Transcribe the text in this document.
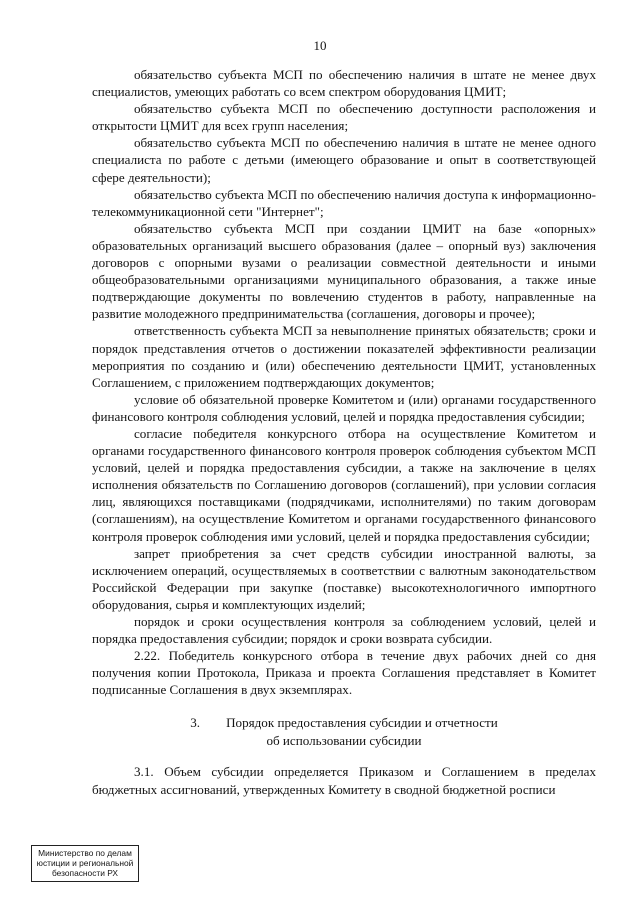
10

обязательство субъекта МСП по обеспечению наличия в штате не менее двух специалистов, умеющих работать со всем спектром оборудования ЦМИТ;

обязательство субъекта МСП по обеспечению доступности расположения и открытости ЦМИТ для всех групп населения;

обязательство субъекта МСП по обеспечению наличия в штате не менее одного специалиста по работе с детьми (имеющего образование и опыт в соответствующей сфере деятельности);

обязательство субъекта МСП по обеспечению наличия доступа к информационно-телекоммуникационной сети "Интернет";

обязательство субъекта МСП при создании ЦМИТ на базе «опорных» образовательных организаций высшего образования (далее – опорный вуз) заключения договоров с опорными вузами о реализации совместной деятельности и иными общеобразовательными организациями муниципального образования, а также иные подтверждающие документы по вовлечению студентов в работу, направленные на развитие молодежного предпринимательства (соглашения, договоры и прочее);

ответственность субъекта МСП за невыполнение принятых обязательств; сроки и порядок представления отчетов о достижении показателей эффективности реализации мероприятия по созданию и (или) обеспечению деятельности ЦМИТ, установленных Соглашением, с приложением подтверждающих документов;

условие об обязательной проверке Комитетом и (или) органами государственного финансового контроля соблюдения условий, целей и порядка предоставления субсидии;

согласие победителя конкурсного отбора на осуществление Комитетом и органами государственного финансового контроля проверок соблюдения субъектом МСП условий, целей и порядка предоставления субсидии, а также на заключение в целях исполнения обязательств по Соглашению договоров (соглашений), при условии согласия лиц, являющихся поставщиками (подрядчиками, исполнителями) по таким договорам (соглашениям), на осуществление Комитетом и органами государственного финансового контроля проверок соблюдения ими условий, целей и порядка предоставления субсидии;

запрет приобретения за счет средств субсидии иностранной валюты, за исключением операций, осуществляемых в соответствии с валютным законодательством Российской Федерации при закупке (поставке) высокотехнологичного импортного оборудования, сырья и комплектующих изделий;

порядок и сроки осуществления контроля за соблюдением условий, целей и порядка предоставления субсидии; порядок и сроки возврата субсидии.

2.22. Победитель конкурсного отбора в течение двух рабочих дней со дня получения копии Протокола, Приказа и проекта Соглашения представляет в Комитет подписанные Соглашения в двух экземплярах.

3. Порядок предоставления субсидии и отчетности
об использовании субсидии

3.1. Объем субсидии определяется Приказом и Соглашением в пределах бюджетных ассигнований, утвержденных Комитету в сводной бюджетной росписи

Министерство по делам
юстиции и региональной
безопасности РХ
